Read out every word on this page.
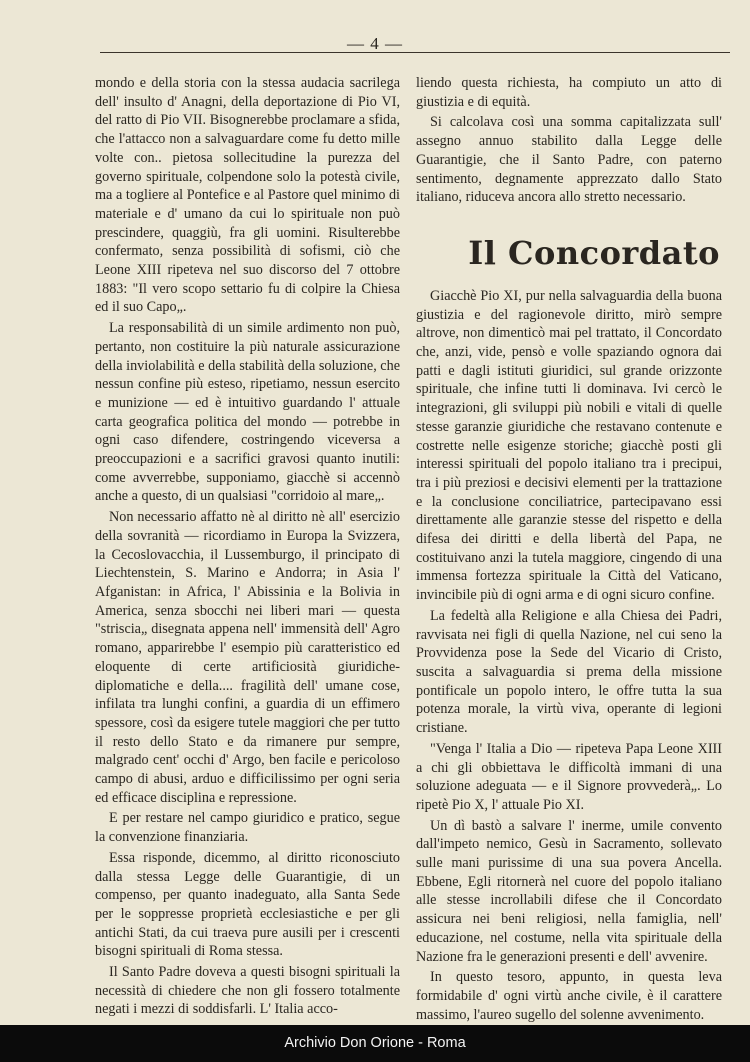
— 4 —

mondo e della storia con la stessa audacia sacrilega dell' insulto d' Anagni, della deportazione di Pio VI, del ratto di Pio VII. Bisognerebbe proclamare a sfida, che l'attacco non a salvaguardare come fu detto mille volte con.. pietosa sollecitudine la purezza del governo spirituale, colpendone solo la potestà civile, ma a togliere al Pontefice e al Pastore quel minimo di materiale e d' umano da cui lo spirituale non può prescindere, quaggiù, fra gli uomini. Risulterebbe confermato, senza possibilità di sofismi, ciò che Leone XIII ripeteva nel suo discorso del 7 ottobre 1883: "Il vero scopo settario fu di colpire la Chiesa ed il suo Capo„.

La responsabilità di un simile ardimento non può, pertanto, non costituire la più naturale assicurazione della inviolabilità e della stabilità della soluzione, che nessun confine più esteso, ripetiamo, nessun esercito e munizione — ed è intuitivo guardando l' attuale carta geografica politica del mondo — potrebbe in ogni caso difendere, costringendo viceversa a preoccupazioni e a sacrifici gravosi quanto inutili: come avverrebbe, supponiamo, giacchè si accennò anche a questo, di un qualsiasi "corridoio al mare„.

Non necessario affatto nè al diritto nè all' esercizio della sovranità — ricordiamo in Europa la Svizzera, la Cecoslovacchia, il Lussemburgo, il principato di Liechtenstein, S. Marino e Andorra; in Asia l' Afganistan: in Africa, l' Abissinia e la Bolivia in America, senza sbocchi nei liberi mari — questa "striscia„ disegnata appena nell' immensità dell' Agro romano, apparirebbe l' esempio più caratteristico ed eloquente di certe artificiosità giuridiche-diplomatiche e della.... fragilità dell' umane cose, infilata tra lunghi confini, a guardia di un effimero spessore, così da esigere tutele maggiori che per tutto il resto dello Stato e da rimanere pur sempre, malgrado cent' occhi d' Argo, ben facile e pericoloso campo di abusi, arduo e difficilissimo per ogni seria ed efficace disciplina e repressione.

E per restare nel campo giuridico e pratico, segue la convenzione finanziaria.

Essa risponde, dicemmo, al diritto riconosciuto dalla stessa Legge delle Guarantigie, di un compenso, per quanto inadeguato, alla Santa Sede per le soppresse proprietà ecclesiastiche e per gli antichi Stati, da cui traeva pure ausili per i crescenti bisogni spirituali di Roma stessa.

Il Santo Padre doveva a questi bisogni spirituali la necessità di chiedere che non gli fossero totalmente negati i mezzi di soddisfarli. L' Italia acco-

liendo questa richiesta, ha compiuto un atto di giustizia e di equità.

Si calcolava così una somma capitalizzata sull' assegno annuo stabilito dalla Legge delle Guarantigie, che il Santo Padre, con paterno sentimento, degnamente apprezzato dallo Stato italiano, riduceva ancora allo stretto necessario.

Il Concordato

Giacchè Pio XI, pur nella salvaguardia della buona giustizia e del ragionevole diritto, mirò sempre altrove, non dimenticò mai pel trattato, il Concordato che, anzi, vide, pensò e volle spaziando ognora dai patti e dagli istituti giuridici, sul grande orizzonte spirituale, che infine tutti li dominava. Ivi cercò le integrazioni, gli sviluppi più nobili e vitali di quelle stesse garanzie giuridiche che restavano contenute e costrette nelle esigenze storiche; giacchè posti gli interessi spirituali del popolo italiano tra i precipui, tra i più preziosi e decisivi elementi per la trattazione e la conclusione conciliatrice, partecipavano essi direttamente alle garanzie stesse del rispetto e della difesa dei diritti e della libertà del Papa, ne costituivano anzi la tutela maggiore, cingendo di una immensa fortezza spirituale la Città del Vaticano, invincibile più di ogni arma e di ogni sicuro confine.

La fedeltà alla Religione e alla Chiesa dei Padri, ravvisata nei figli di quella Nazione, nel cui seno la Provvidenza pose la Sede del Vicario di Cristo, suscita a salvaguardia si prema della missione pontificale un popolo intero, le offre tutta la sua potenza morale, la virtù viva, operante di legioni cristiane.

"Venga l' Italia a Dio — ripeteva Papa Leone XIII a chi gli obbiettava le difficoltà immani di una soluzione adeguata — e il Signore provvederà„. Lo ripetè Pio X, l' attuale Pio XI.

Un dì bastò a salvare l' inerme, umile convento dall'impeto nemico, Gesù in Sacramento, sollevato sulle mani purissime di una sua povera Ancella. Ebbene, Egli ritornerà nel cuore del popolo italiano alle stesse incrollabili difese che il Concordato assicura nei beni religiosi, nella famiglia, nell' educazione, nel costume, nella vita spirituale della Nazione fra le generazioni presenti e dell' avvenire.

In questo tesoro, appunto, in questa leva formidabile d' ogni virtù anche civile, è il carattere massimo, l'aureo sugello del solenne avvenimento.

Archivio Don Orione - Roma
